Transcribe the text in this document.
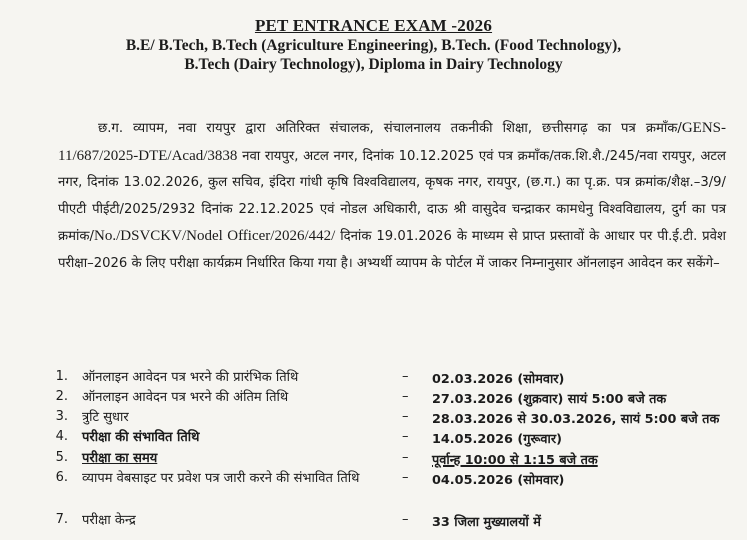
PET ENTRANCE EXAM -2026
B.E/ B.Tech, B.Tech (Agriculture Engineering), B.Tech. (Food Technology),
B.Tech (Dairy Technology), Diploma in Dairy Technology
छ.ग. व्यापम, नवा रायपुर द्वारा अतिरिक्त संचालक, संचालनालय तकनीकी शिक्षा, छत्तीसगढ़ का पत्र क्रमाँक/GENS-11/687/2025-DTE/Acad/3838 नवा रायपुर, अटल नगर, दिनांक 10.12.2025 एवं पत्र क्रमाँक/तक.शि.शै./245/नवा रायपुर, अटल नगर, दिनांक 13.02.2026, कुल सचिव, इंदिरा गांधी कृषि विश्वविद्यालय, कृषक नगर, रायपुर, (छ.ग.) का पृ.क्र. पत्र क्रमांक/शैक्ष.–3/9/पीएटी पीईटी/2025/2932 दिनांक 22.12.2025 एवं नोडल अधिकारी, दाऊ श्री वासुदेव चन्द्राकर कामधेनु विश्वविद्यालय, दुर्ग का पत्र क्रमांक/No./DSVCKV/Nodel Officer/2026/442/ दिनांक 19.01.2026 के माध्यम से प्राप्त प्रस्तावों के आधार पर पी.ई.टी. प्रवेश परीक्षा–2026 के लिए परीक्षा कार्यक्रम निर्धारित किया गया है। अभ्यर्थी व्यापम के पोर्टल में जाकर निम्नानुसार ऑनलाइन आवेदन कर सकेंगे–
1. ऑनलाइन आवेदन पत्र भरने की प्रारंभिक तिथि	– 02.03.2026 (सोमवार)
2. ऑनलाइन आवेदन पत्र भरने की अंतिम तिथि	– 27.03.2026 (शुक्रवार) सायं 5:00 बजे तक
3. त्रुटि सुधार	– 28.03.2026 से 30.03.2026, सायं 5:00 बजे तक
4. परीक्षा की संभावित तिथि	– 14.05.2026 (गुरूवार)
5. परीक्षा का समय	– पूर्वान्ह 10:00 से 1:15 बजे तक
6. व्यापम वेबसाइट पर प्रवेश पत्र जारी करने की संभावित तिथि	– 04.05.2026 (सोमवार)
7. परीक्षा केन्द्र	– 33 जिला मुख्यालयों में
